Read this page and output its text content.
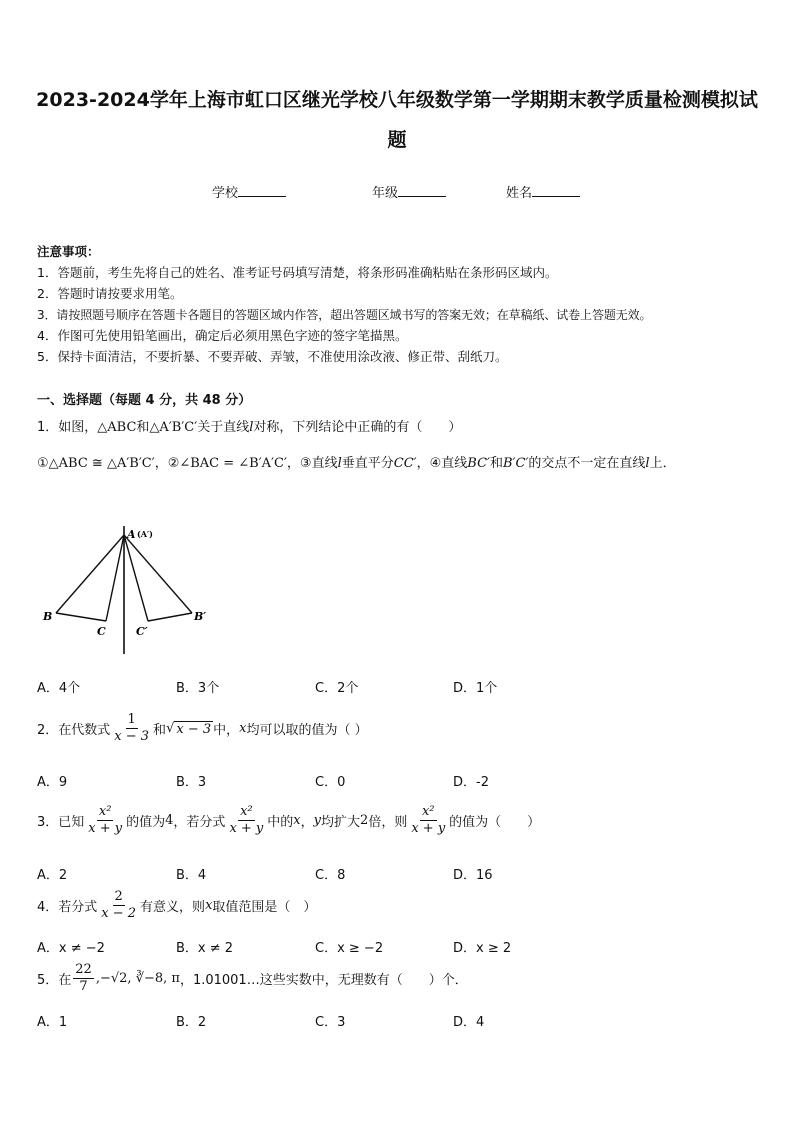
2023-2024学年上海市虹口区继光学校八年级数学第一学期期末教学质量检测模拟试
题
学校	年级	姓名
注意事项：
1．答题前，考生先将自己的姓名、准考证号码填写清楚，将条形码准确粘贴在条形码区域内。
2．答题时请按要求用笔。
3．请按照题号顺序在答题卡各题目的答题区域内作答，超出答题区域书写的答案无效；在草稿纸、试卷上答题无效。
4．作图可先使用铅笔画出，确定后必须用黑色字迹的签字笔描黑。
5．保持卡面清洁，不要折暴、不要弄破、弄皱，不准使用涂改液、修正带、刮纸刀。
一、选择题（每题 4 分，共 48 分）
1．如图，△ABC和△A′B′C′关于直线l对称，下列结论中正确的有（　　）
①△ABC ≅ △A′B′C′，②∠BAC = ∠B′A′C′，③直线l垂直平分CC′，④直线BC′和B′C′的交点不一定在直线l上．
A (A′)
B
C	C′
B′
A．4个	B．3个	C．2个	D．1个
2．在代数式 $\frac{1}{x - 3}$ 和 √ x − 3 中， x 均可以取的值为（ ）
A．9	B．3	C．0	D．-2
3．已知 $\frac{\text{x²}}{x + y}$ 的值为 4 ，若分式 $\frac{\text{x²}}{x + y}$ 中的 x ， y 均扩大 2 倍，则 $\frac{\text{x²}}{x + y}$ 的值为（　　）
A．2	B．4	C．8	D．16
4．若分式 $\frac{2}{x - 2}$ 有意义，则 x 取值范围是（　）
A．x ≠ −2	B．x ≠ 2	C．x ≥ −2	D．x ≥ 2
5．在 $\frac{22}{7} ,-√2$, ∛−8, π ，1.01001…这些实数中，无理数有（　　）个．
A．1	B．2	C．3	D．4
